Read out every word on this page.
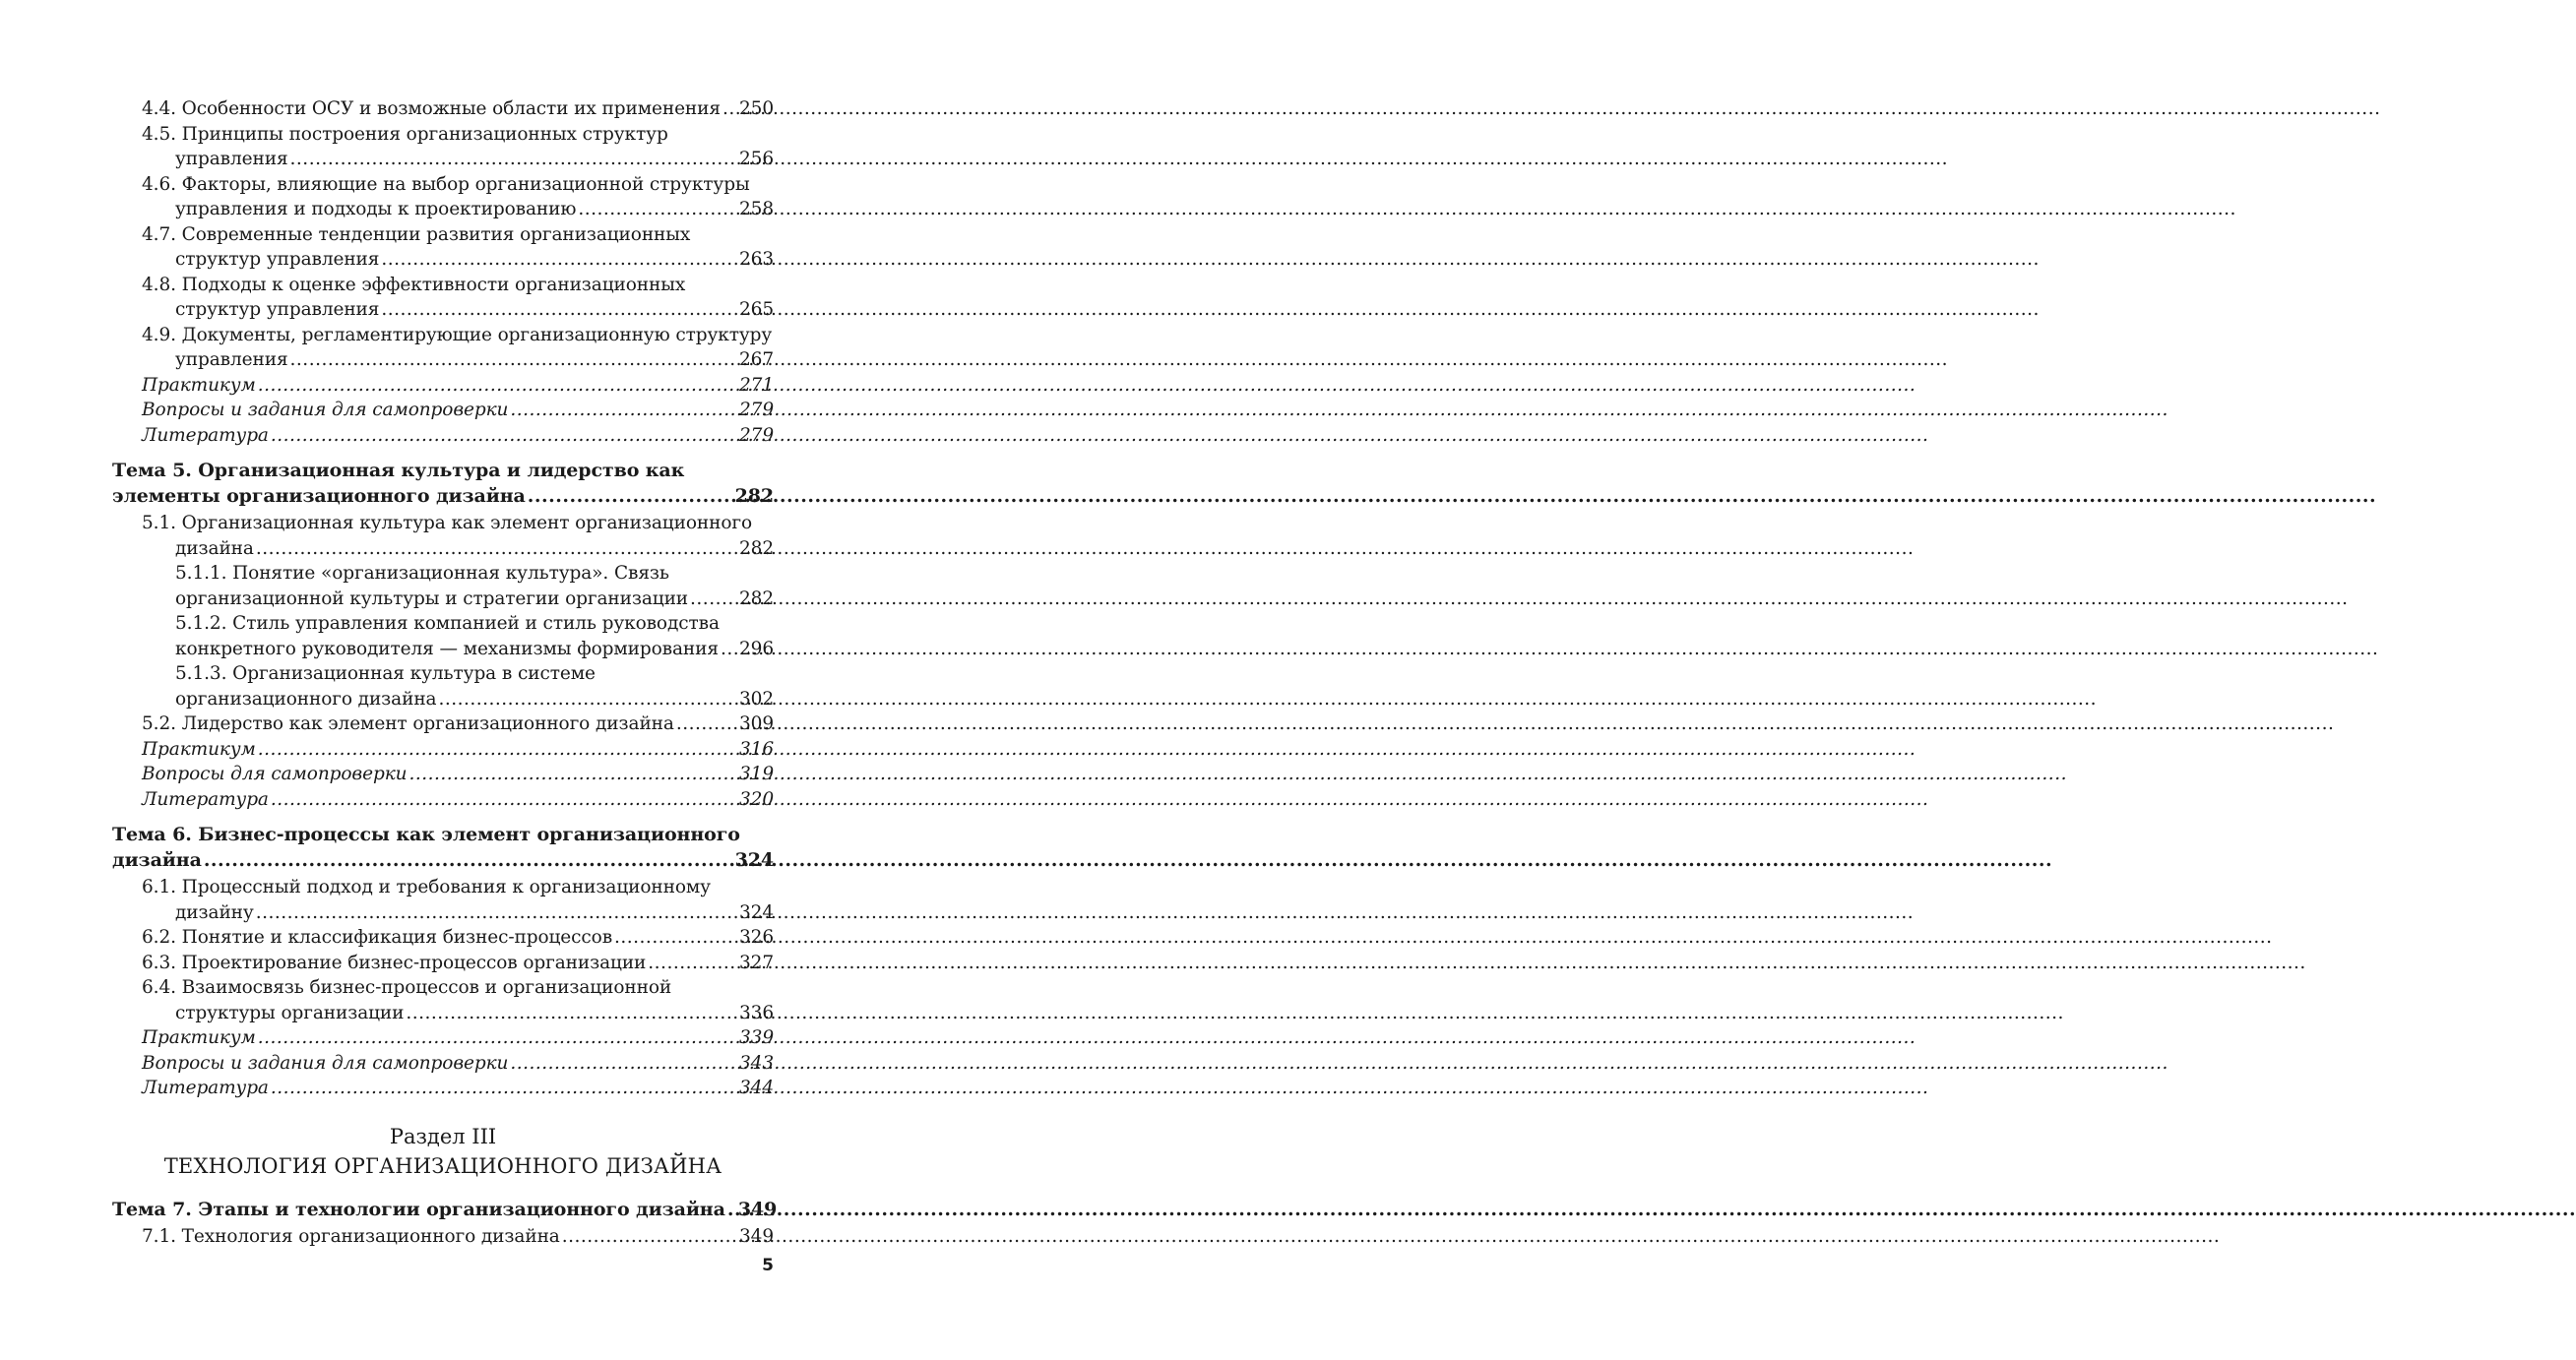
4.4. Особенности ОСУ и возможные области их применения ..... 250
4.5. Принципы построения организационных структур
управления .....	256
4.6. Факторы, влияющие на выбор организационной структуры
управления и подходы к проектированию .....	258
4.7. Современные тенденции развития организационных
структур управления .....	263
4.8. Подходы к оценке эффективности организационных
структур управления .....	265
4.9. Документы, регламентирующие организационную структуру
управления .....	267
Практикум .....	271
Вопросы и задания для самопроверки .....	279
Литература .....	279
Тема 5. Организационная культура и лидерство как
элементы организационного дизайна .....	282
5.1. Организационная культура как элемент организационного
дизайна .....	282
5.1.1. Понятие «организационная культура». Связь
организационной культуры и стратегии организации .....	282
5.1.2. Стиль управления компанией и стиль руководства
конкретного руководителя — механизмы формирования ..... 296
5.1.3. Организационная культура в системе
организационного дизайна .....	302
5.2. Лидерство как элемент организационного дизайна .....	309
Практикум .....	316
Вопросы для самопроверки .....	319
Литература .....	320
Тема 6. Бизнес-процессы как элемент организационного
дизайна .....	324
6.1. Процессный подход и требования к организационному
дизайну .....	324
6.2. Понятие и классификация бизнес-процессов .....	326
6.3. Проектирование бизнес-процессов организации .....	327
6.4. Взаимосвязь бизнес-процессов и организационной
структуры организации .....	336
Практикум .....	339
Вопросы и задания для самопроверки .....	343
Литература .....	344
Раздел III
ТЕХНОЛОГИЯ ОРГАНИЗАЦИОННОГО ДИЗАЙНА
Тема 7. Этапы и технологии организационного дизайна ..... 349
7.1. Технология организационного дизайна .....	349
5
